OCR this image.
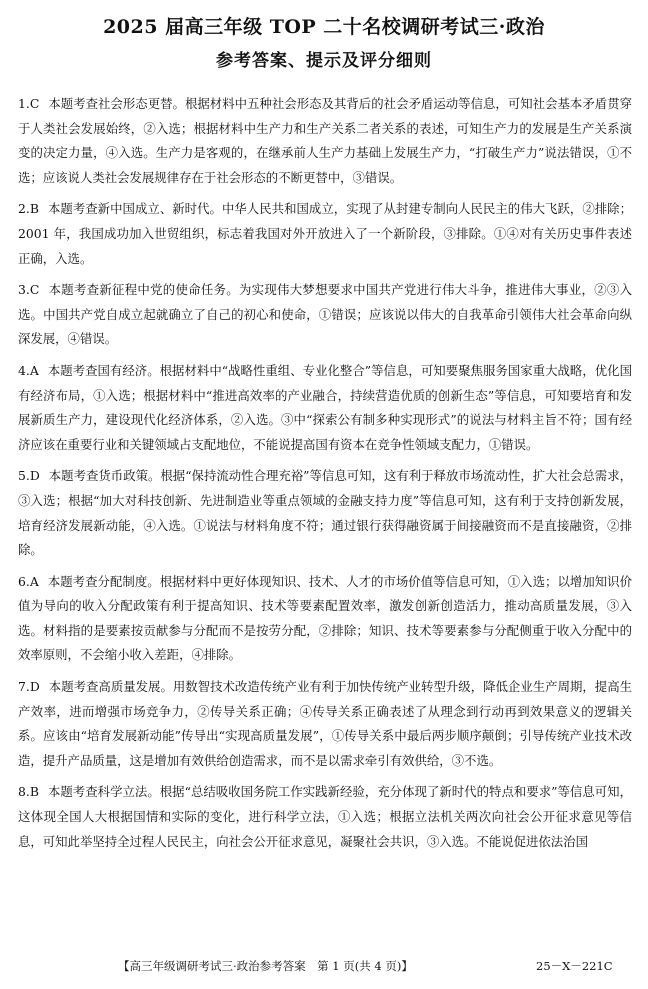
2025 届高三年级 TOP 二十名校调研考试三·政治
参考答案、提示及评分细则

1.C 本题考查社会形态更替。根据材料中五种社会形态及其背后的社会矛盾运动等信息，可知社会基本矛盾贯穿于人类社会发展始终，②入选；根据材料中生产力和生产关系二者关系的表述，可知生产力的发展是生产关系演变的决定力量，④入选。生产力是客观的，在继承前人生产力基础上发展生产力，“打破生产力”说法错误，①不选；应该说人类社会发展规律存在于社会形态的不断更替中，③错误。

2.B 本题考查新中国成立、新时代。中华人民共和国成立，实现了从封建专制向人民民主的伟大飞跃，②排除；2001 年，我国成功加入世贸组织，标志着我国对外开放进入了一个新阶段，③排除。①④对有关历史事件表述正确，入选。

3.C 本题考查新征程中党的使命任务。为实现伟大梦想要求中国共产党进行伟大斗争，推进伟大事业，②③入选。中国共产党自成立起就确立了自己的初心和使命，①错误；应该说以伟大的自我革命引领伟大社会革命向纵深发展，④错误。

4.A 本题考查国有经济。根据材料中“战略性重组、专业化整合”等信息，可知要聚焦服务国家重大战略，优化国有经济布局，①入选；根据材料中“推进高效率的产业融合，持续营造优质的创新生态”等信息，可知要培育和发展新质生产力，建设现代化经济体系，②入选。③中“探索公有制多种实现形式”的说法与材料主旨不符；国有经济应该在重要行业和关键领域占支配地位，不能说提高国有资本在竞争性领域支配力，①错误。

5.D 本题考查货币政策。根据“保持流动性合理充裕”等信息可知，这有利于释放市场流动性，扩大社会总需求，③入选；根据“加大对科技创新、先进制造业等重点领域的金融支持力度”等信息可知，这有利于支持创新发展，培育经济发展新动能，④入选。①说法与材料角度不符；通过银行获得融资属于间接融资而不是直接融资，②排除。

6.A 本题考查分配制度。根据材料中更好体现知识、技术、人才的市场价值等信息可知，①入选；以增加知识价值为导向的收入分配政策有利于提高知识、技术等要素配置效率，激发创新创造活力，推动高质量发展，③入选。材料指的是要素按贡献参与分配而不是按劳分配，②排除；知识、技术等要素参与分配侧重于收入分配中的效率原则，不会缩小收入差距，④排除。

7.D 本题考查高质量发展。用数智技术改造传统产业有利于加快传统产业转型升级，降低企业生产周期，提高生产效率，进而增强市场竞争力，②传导关系正确；④传导关系正确表述了从理念到行动再到效果意义的逻辑关系。应该由“培育发展新动能”传导出“实现高质量发展”，①传导关系中最后两步顺序颠倒；引导传统产业技术改造，提升产品质量，这是增加有效供给创造需求，而不是以需求牵引有效供给，③不选。

8.B 本题考查科学立法。根据“总结吸收国务院工作实践新经验，充分体现了新时代的特点和要求”等信息可知，这体现全国人大根据国情和实际的变化，进行科学立法，①入选；根据立法机关两次向社会公开征求意见等信息，可知此举坚持全过程人民民主，向社会公开征求意见，凝聚社会共识，③入选。不能说促进依法治国

【高三年级调研考试三·政治参考答案　第 1 页(共 4 页)】	25－X－221C
